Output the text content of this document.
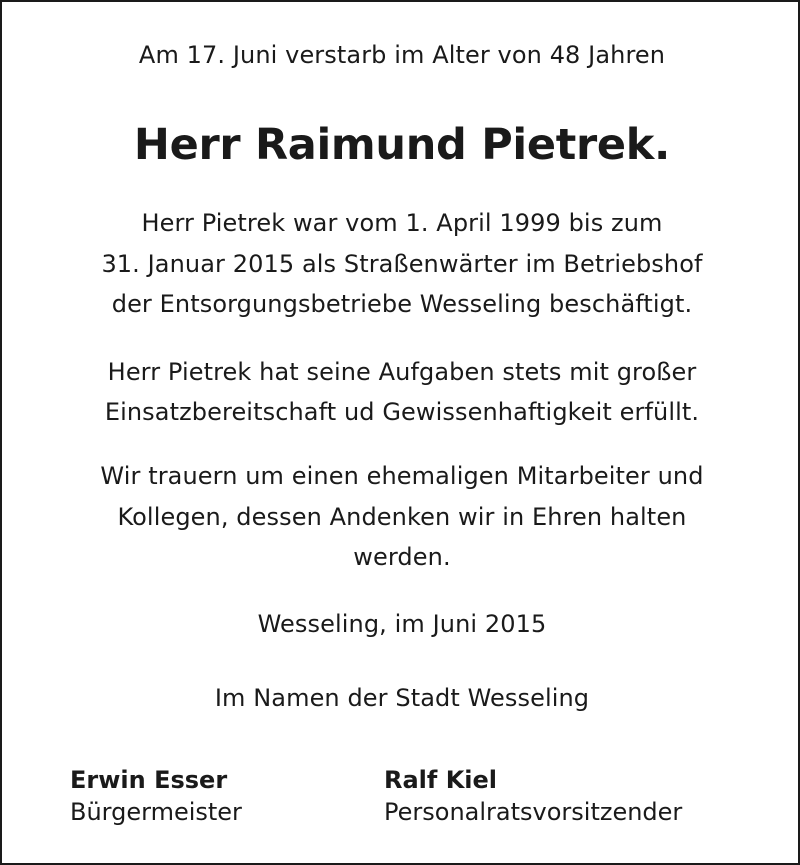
Am 17. Juni verstarb im Alter von 48 Jahren
Herr Raimund Pietrek.
Herr Pietrek war vom 1. April 1999 bis zum
31. Januar 2015 als Straßenwärter im Betriebshof
der Entsorgungsbetriebe Wesseling beschäftigt.
Herr Pietrek hat seine Aufgaben stets mit großer
Einsatzbereitschaft ud Gewissenhaftigkeit erfüllt.
Wir trauern um einen ehemaligen Mitarbeiter und
Kollegen, dessen Andenken wir in Ehren halten
werden.
Wesseling, im Juni 2015
Im Namen der Stadt Wesseling
Erwin Esser
Bürgermeister
Ralf Kiel
Personalratsvorsitzender
